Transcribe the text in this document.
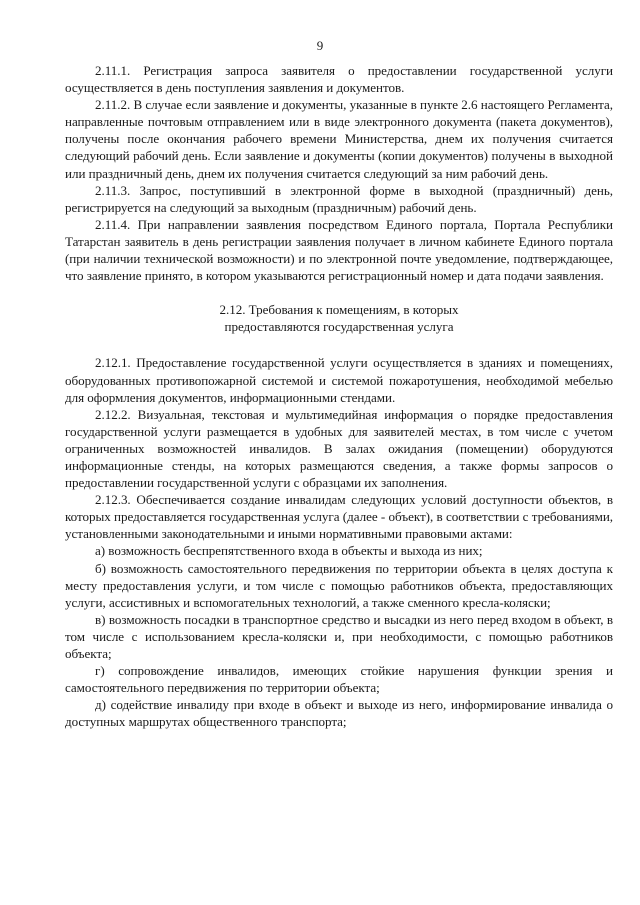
9

2.11.1. Регистрация запроса заявителя о предоставлении государственной услуги осуществляется в день поступления заявления и документов.

2.11.2. В случае если заявление и документы, указанные в пункте 2.6 настоящего Регламента, направленные почтовым отправлением или в виде электронного документа (пакета документов), получены после окончания рабочего времени Министерства, днем их получения считается следующий рабочий день. Если заявление и документы (копии документов) получены в выходной или праздничный день, днем их получения считается следующий за ним рабочий день.

2.11.3. Запрос, поступивший в электронной форме в выходной (праздничный) день, регистрируется на следующий за выходным (праздничным) рабочий день.

2.11.4. При направлении заявления посредством Единого портала, Портала Республики Татарстан заявитель в день регистрации заявления получает в личном кабинете Единого портала (при наличии технической возможности) и по электронной почте уведомление, подтверждающее, что заявление принято, в котором указываются регистрационный номер и дата подачи заявления.

2.12. Требования к помещениям, в которых

предоставляются государственная услуга

2.12.1. Предоставление государственной услуги осуществляется в зданиях и помещениях, оборудованных противопожарной системой и системой пожаротушения, необходимой мебелью для оформления документов, информационными стендами.

2.12.2. Визуальная, текстовая и мультимедийная информация о порядке предоставления государственной услуги размещается в удобных для заявителей местах, в том числе с учетом ограниченных возможностей инвалидов. В залах ожидания (помещении) оборудуются информационные стенды, на которых размещаются сведения, а также формы запросов о предоставлении государственной услуги с образцами их заполнения.

2.12.3. Обеспечивается создание инвалидам следующих условий доступности объектов, в которых предоставляется государственная услуга (далее - объект), в соответствии с требованиями, установленными законодательными и иными нормативными правовыми актами:

а) возможность беспрепятственного входа в объекты и выхода из них;

б) возможность самостоятельного передвижения по территории объекта в целях доступа к месту предоставления услуги, и том числе с помощью работников объекта, предоставляющих услуги, ассистивных и вспомогательных технологий, а также сменного кресла-коляски;

в) возможность посадки в транспортное средство и высадки из него перед входом в объект, в том числе с использованием кресла-коляски и, при необходимости, с помощью работников объекта;

г) сопровождение инвалидов, имеющих стойкие нарушения функции зрения и самостоятельного передвижения по территории объекта;

д) содействие инвалиду при входе в объект и выходе из него, информирование инвалида о доступных маршрутах общественного транспорта;
